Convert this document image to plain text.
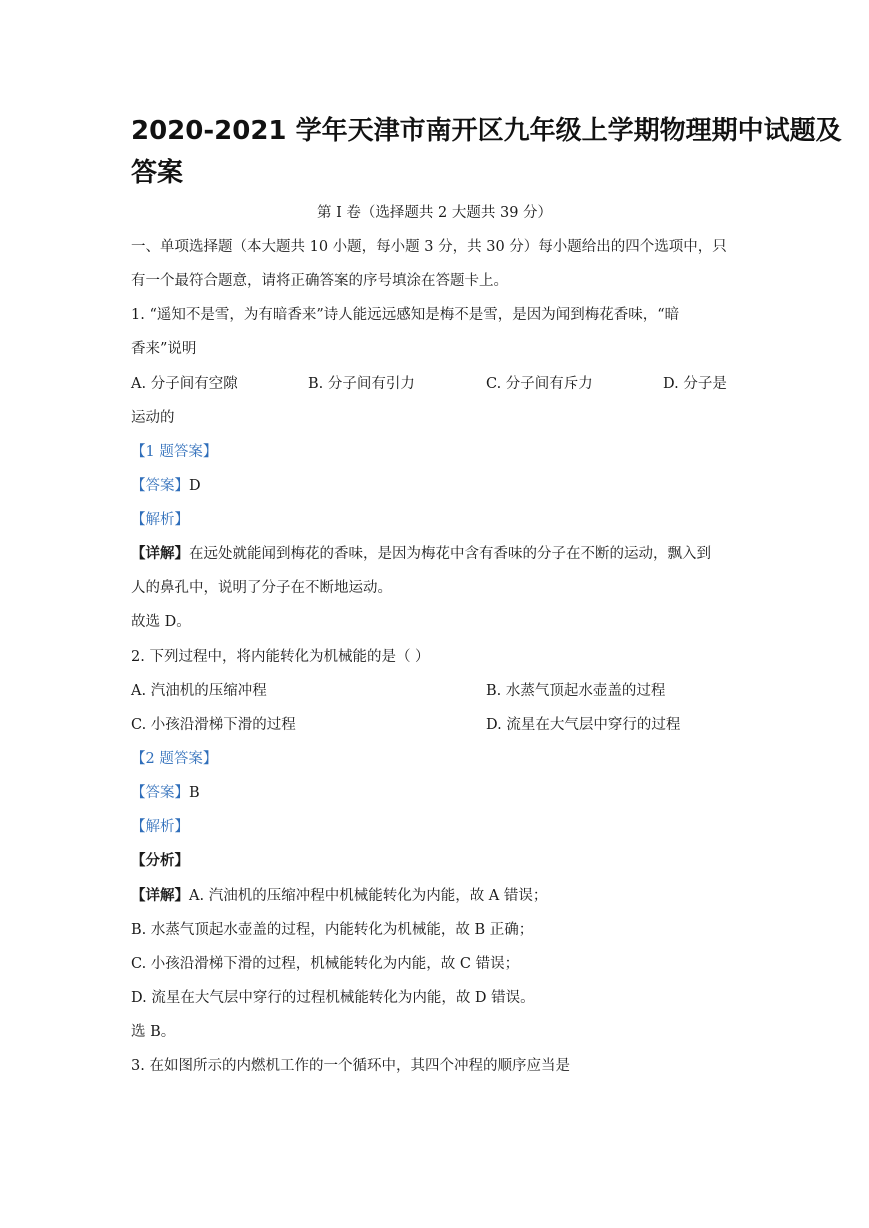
2020-2021 学年天津市南开区九年级上学期物理期中试题及
答案
第 I 卷（选择题共 2 大题共 39 分）
一、单项选择题（本大题共 10 小题，每小题 3 分，共 30 分）每小题给出的四个选项中，只
有一个最符合题意，请将正确答案的序号填涂在答题卡上。
1. “遥知不是雪，为有暗香来”诗人能远远感知是梅不是雪，是因为闻到梅花香味，“暗
香来”说明
A. 分子间有空隙	B. 分子间有引力	C. 分子间有斥力	D. 分子是
运动的
【1 题答案】
【答案】D
【解析】
【详解】在远处就能闻到梅花的香味，是因为梅花中含有香味的分子在不断的运动，飘入到
人的鼻孔中，说明了分子在不断地运动。
故选 D。
2. 下列过程中，将内能转化为机械能的是（ ）
A. 汽油机的压缩冲程	B. 水蒸气顶起水壶盖的过程
C. 小孩沿滑梯下滑的过程	D. 流星在大气层中穿行的过程
【2 题答案】
【答案】B
【解析】
【分析】
【详解】A. 汽油机的压缩冲程中机械能转化为内能，故 A 错误；
B. 水蒸气顶起水壶盖的过程，内能转化为机械能，故 B 正确；
C. 小孩沿滑梯下滑的过程，机械能转化为内能，故 C 错误；
D. 流星在大气层中穿行的过程机械能转化为内能，故 D 错误。
选 B。
3. 在如图所示的内燃机工作的一个循环中，其四个冲程的顺序应当是
